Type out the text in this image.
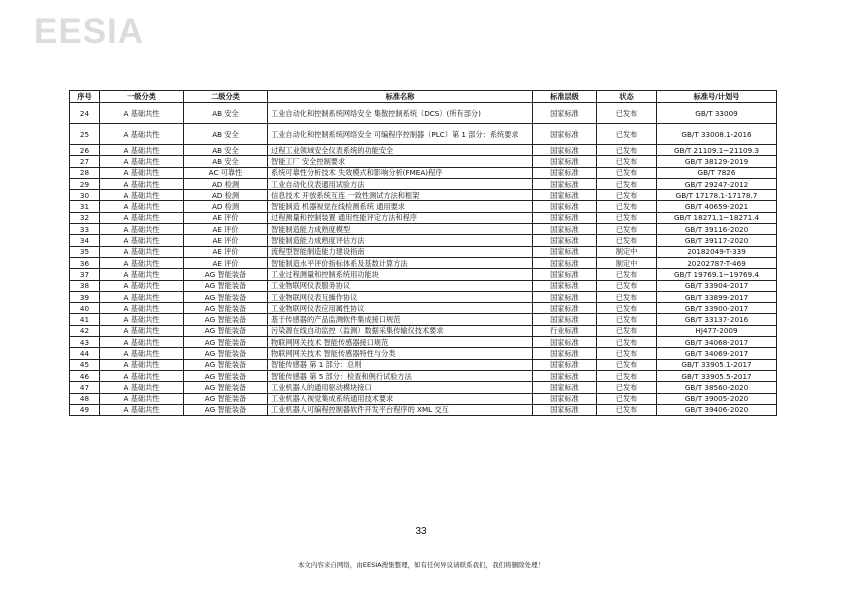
EESIA
序号	一级分类	二级分类	标准名称	标准层级	状态	标准号/计划号
24	A 基础共性	AB 安全	工业自动化和控制系统网络安全 集散控制系统（DCS）(所有部分)	国家标准	已发布	GB/T 33009
25	A 基础共性	AB 安全	工业自动化和控制系统网络安全 可编程序控制器（PLC）第 1 部分：系统要求	国家标准	已发布	GB/T 33008.1-2016
26	A 基础共性	AB 安全	过程工业领域安全仪表系统的功能安全	国家标准	已发布	GB/T 21109.1~21109.3
27	A 基础共性	AB 安全	智能工厂 安全控制要求	国家标准	已发布	GB/T 38129-2019
28	A 基础共性	AC 可靠性	系统可靠性分析技术 失效模式和影响分析(FMEA)程序	国家标准	已发布	GB/T 7826
29	A 基础共性	AD 检测	工业自动化仪表通用试验方法	国家标准	已发布	GB/T 29247-2012
30	A 基础共性	AD 检测	信息技术 开放系统互连 一致性测试方法和框架	国家标准	已发布	GB/T 17178.1-17178.7
31	A 基础共性	AD 检测	智能制造 机器视觉在线检测系统 通用要求	国家标准	已发布	GB/T 40659-2021
32	A 基础共性	AE 评价	过程测量和控制装置 通用性能评定方法和程序	国家标准	已发布	GB/T 18271.1~18271.4
33	A 基础共性	AE 评价	智能制造能力成熟度模型	国家标准	已发布	GB/T 39116-2020
34	A 基础共性	AE 评价	智能制造能力成熟度评估方法	国家标准	已发布	GB/T 39117-2020
35	A 基础共性	AE 评价	流程型智能制造能力建设指南	国家标准	制定中	20182049-T-339
36	A 基础共性	AE 评价	智能制造水平评价指标体系及基数计算方法	国家标准	制定中	20202787-T-469
37	A 基础共性	AG 智能装备	工业过程测量和控制系统用功能块	国家标准	已发布	GB/T 19769.1~19769.4
38	A 基础共性	AG 智能装备	工业物联网仪表服务协议	国家标准	已发布	GB/T 33904-2017
39	A 基础共性	AG 智能装备	工业物联网仪表互操作协议	国家标准	已发布	GB/T 33899-2017
40	A 基础共性	AG 智能装备	工业物联网仪表应用属性协议	国家标准	已发布	GB/T 33900-2017
41	A 基础共性	AG 智能装备	基于传感器的产品监测软件集成接口规范	国家标准	已发布	GB/T 33137-2016
42	A 基础共性	AG 智能装备	污染源在线自动监控（监测）数据采集传输仪技术要求	行业标准	已发布	HJ477-2009
43	A 基础共性	AG 智能装备	物联网网关技术 智能传感器接口规范	国家标准	已发布	GB/T 34068-2017
44	A 基础共性	AG 智能装备	物联网网关技术 智能传感器特性与分类	国家标准	已发布	GB/T 34069-2017
45	A 基础共性	AG 智能装备	智能传感器 第 1 部分：总则	国家标准	已发布	GB/T 33905.1-2017
46	A 基础共性	AG 智能装备	智能传感器 第 5 部分：检查和例行试验方法	国家标准	已发布	GB/T 33905.5-2017
47	A 基础共性	AG 智能装备	工业机器人的通用驱动模块接口	国家标准	已发布	GB/T 38560-2020
48	A 基础共性	AG 智能装备	工业机器人视觉集成系统通用技术要求	国家标准	已发布	GB/T 39005-2020
49	A 基础共性	AG 智能装备	工业机器人可编程控制器软件开发平台程序的 XML 交互	国家标准	已发布	GB/T 39406-2020
33
本文内容来自网络，由EESIA搜集整理，如有任何异议请联系我们，我们将删除处理！
